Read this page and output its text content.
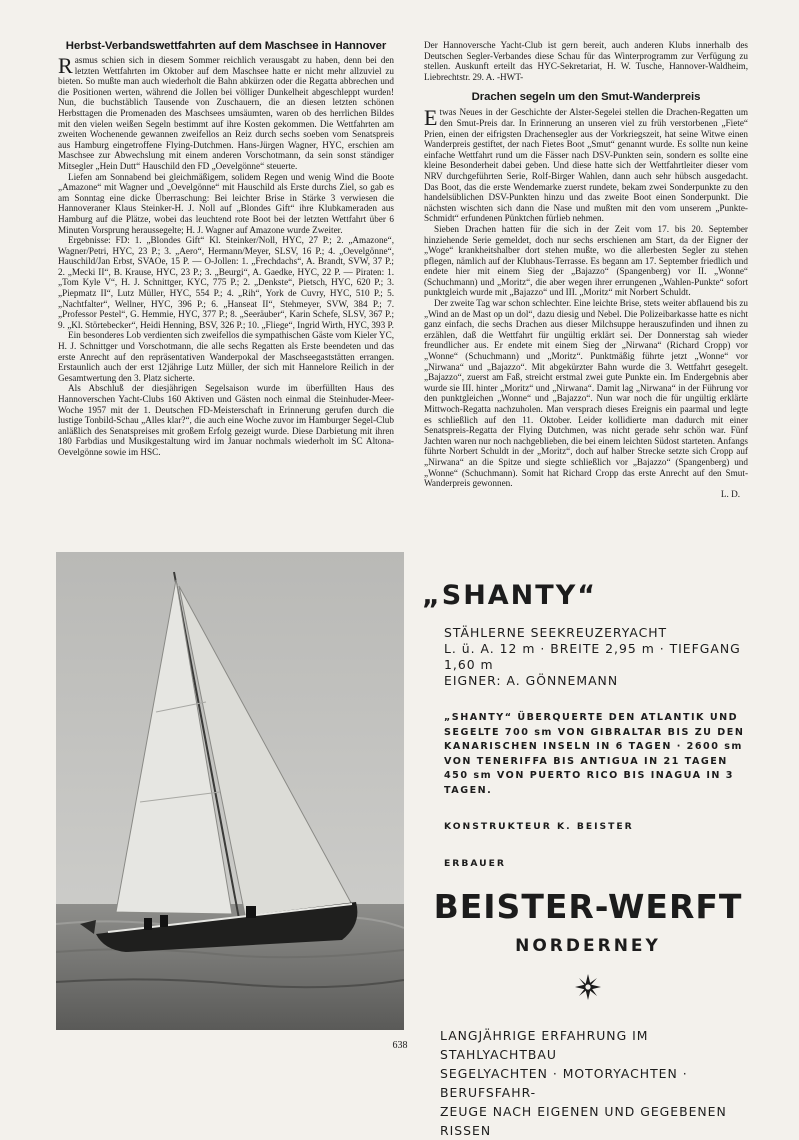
Herbst-Verbandswettfahrten auf dem Maschsee in Hannover

Rasmus schien sich in diesem Sommer reichlich verausgabt zu haben, denn bei den letzten Wettfahrten im Oktober auf dem Maschsee hatte er nicht mehr allzuviel zu bieten. So mußte man auch wiederholt die Bahn abkürzen oder die Regatta abbrechen und die Positionen werten, während die Jollen bei völliger Dunkelheit abgeschleppt wurden! Nun, die buchstäblich Tausende von Zuschauern, die an diesen letzten schönen Herbsttagen die Promenaden des Maschsees umsäumten, waren ob des herrlichen Bildes mit den vielen weißen Segeln bestimmt auf ihre Kosten gekommen. Die Wettfahrten am zweiten Wochenende gewannen zweifellos an Reiz durch sechs soeben vom Senatspreis aus Hamburg eingetroffene Flying-Dutchmen. Hans-Jürgen Wagner, HYC, erschien am Maschsee zur Abwechslung mit einem anderen Vorschotmann, da sein sonst ständiger Mitsegler „Hein Dutt“ Hauschild den FD „Oevelgönne“ steuerte.

Liefen am Sonnabend bei gleichmäßigem, solidem Regen und wenig Wind die Boote „Amazone“ mit Wagner und „Oevelgönne“ mit Hauschild als Erste durchs Ziel, so gab es am Sonntag eine dicke Überraschung: Bei leichter Brise in Stärke 3 verwiesen die Hannoveraner Klaus Steinker-H. J. Noll auf „Blondes Gift“ ihre Klubkameraden aus Hamburg auf die Plätze, wobei das leuchtend rote Boot bei der letzten Wettfahrt über 6 Minuten Vorsprung heraussegelte; H. J. Wagner auf Amazone wurde Zweiter.

Ergebnisse: FD: 1. „Blondes Gift“ Kl. Steinker/Noll, HYC, 27 P.; 2. „Amazone“, Wagner/Petri, HYC, 23 P.; 3. „Aero“, Hermann/Meyer, SLSV, 16 P.; 4. „Oevelgönne“, Hauschild/Jan Erbst, SVAOe, 15 P. — O-Jollen: 1. „Frechdachs“, A. Brandt, SVW, 37 P.; 2. „Mecki II“, B. Krause, HYC, 23 P.; 3. „Beurgi“, A. Gaedke, HYC, 22 P. — Piraten: 1. „Tom Kyle V“, H. J. Schnittger, KYC, 775 P.; 2. „Denkste“, Pietsch, HYC, 620 P.; 3. „Piepmatz II“, Lutz Müller, HYC, 554 P.; 4. „Rih“, York de Cuvry, HYC, 510 P.; 5. „Nachtfalter“, Wellner, HYC, 396 P.; 6. „Hanseat II“, Stehmeyer, SVW, 384 P.; 7. „Professor Pestel“, G. Hemmie, HYC, 377 P.; 8. „Seeräuber“, Karin Schefe, SLSV, 367 P.; 9. „Kl. Störtebecker“, Heidi Henning, BSV, 326 P.; 10. „Fliege“, Ingrid Wirth, HYC, 393 P.

Ein besonderes Lob verdienten sich zweifellos die sympathischen Gäste vom Kieler YC, H. J. Schnittger und Vorschotmann, die alle sechs Regatten als Erste beendeten und das erste Anrecht auf den repräsentativen Wanderpokal der Maschseegaststätten errangen. Erstaunlich auch der erst 12jährige Lutz Müller, der sich mit Hannelore Reilich in der Gesamtwertung den 3. Platz sicherte.

Als Abschluß der diesjährigen Segelsaison wurde im überfüllten Haus des Hannoverschen Yacht-Clubs 160 Aktiven und Gästen noch einmal die Steinhuder-Meer-Woche 1957 mit der 1. Deutschen FD-Meisterschaft in Erinnerung gerufen durch die lustige Tonbild-Schau „Alles klar?“, die auch eine Woche zuvor im Hamburger Segel-Club anläßlich des Senatspreises mit großem Erfolg gezeigt wurde. Diese Darbietung mit ihren 180 Farbdias und Musikgestaltung wird im Januar nochmals wiederholt im SC Altona-Oevelgönne sowie im HSC.

Der Hannoversche Yacht-Club ist gern bereit, auch anderen Klubs innerhalb des Deutschen Segler-Verbandes diese Schau für das Winterprogramm zur Verfügung zu stellen. Auskunft erteilt das HYC-Sekretariat, H. W. Tusche, Hannover-Waldheim, Liebrechtstr. 29. A. -HWT-

Drachen segeln um den Smut-Wanderpreis

Etwas Neues in der Geschichte der Alster-Segelei stellen die Drachen-Regatten um den Smut-Preis dar. In Erinnerung an unseren viel zu früh verstorbenen „Fiete“ Prien, einen der eifrigsten Drachensegler aus der Vorkriegszeit, hat seine Witwe einen Wanderpreis gestiftet, der nach Fietes Boot „Smut“ genannt wurde. Es sollte nun keine einfache Wettfahrt rund um die Fässer nach DSV-Punkten sein, sondern es sollte eine kleine Besonderheit dabei geben. Und diese hatte sich der Wettfahrtleiter dieser vom NRV durchgeführten Serie, Rolf-Birger Wahlen, dann auch sehr hübsch ausgedacht. Das Boot, das die erste Wendemarke zuerst rundete, bekam zwei Sonderpunkte zu den handelsüblichen DSV-Punkten hinzu und das zweite Boot einen Sonderpunkt. Die nächsten wischten sich dann die Nase und mußten mit den vom unserem „Punkte-Schmidt“ erfundenen Pünktchen fürlieb nehmen.

Sieben Drachen hatten für die sich in der Zeit vom 17. bis 20. September hinziehende Serie gemeldet, doch nur sechs erschienen am Start, da der Eigner der „Woge“ krankheitshalber dort stehen mußte, wo die allerbesten Segler zu stehen pflegen, nämlich auf der Klubhaus-Terrasse. Es begann am 17. September friedlich und endete hier mit einem Sieg der „Bajazzo“ (Spangenberg) vor II. „Wonne“ (Schuchmann) und „Moritz“, die aber wegen ihrer errungenen „Wahlen-Punkte“ sofort punktgleich wurde mit „Bajazzo“ und III. „Moritz“ mit Norbert Schuldt.

Der zweite Tag war schon schlechter. Eine leichte Brise, stets weiter abflauend bis zu „Wind an de Mast op un dol“, dazu diesig und Nebel. Die Polizeibarkasse hatte es nicht ganz einfach, die sechs Drachen aus dieser Milchsuppe herauszufinden und ihnen zu erzählen, daß die Wettfahrt für ungültig erklärt sei. Der Donnerstag sah wieder freundlicher aus. Er endete mit einem Sieg der „Nirwana“ (Richard Cropp) vor „Wonne“ (Schuchmann) und „Moritz“. Punktmäßig führte jetzt „Wonne“ vor „Nirwana“ und „Bajazzo“. Mit abgekürzter Bahn wurde die 3. Wettfahrt gesegelt. „Bajazzo“, zuerst am Faß, streicht erstmal zwei gute Punkte ein. Im Endergebnis aber wurde sie III. hinter „Moritz“ und „Nirwana“. Damit lag „Nirwana“ in der Führung vor den punktgleichen „Wonne“ und „Bajazzo“. Nun war noch die für ungültig erklärte Mittwoch-Regatta nachzuholen. Man versprach dieses Ereignis ein paarmal und legte es schließlich auf den 11. Oktober. Leider kollidierte man dadurch mit einer Senatspreis-Regatta der Flying Dutchmen, was nicht gerade sehr schön war. Fünf Jachten waren nur noch nachgeblieben, die bei einem leichten Südost starteten. Anfangs führte Norbert Schuldt in der „Moritz“, doch auf halber Strecke setzte sich Cropp auf „Nirwana“ an die Spitze und siegte schließlich vor „Bajazzo“ (Spangenberg) und „Wonne“ (Schuchmann). Somit hat Richard Cropp das erste Anrecht auf den Smut-Wanderpreis gewonnen.

L. D.
„SHANTY“
STÄHLERNE SEEKREUZERYACHT
L. ü. A. 12 m · BREITE 2,95 m · TIEFGANG 1,60 m
EIGNER: A. GÖNNEMANN
„SHANTY“ ÜBERQUERTE DEN ATLANTIK UND
SEGELTE 700 sm VON GIBRALTAR BIS ZU DEN
KANARISCHEN INSELN IN 6 TAGEN · 2600 sm
VON TENERIFFA BIS ANTIGUA IN 21 TAGEN
450 sm VON PUERTO RICO BIS INAGUA IN 3 TAGEN.
KONSTRUKTEUR K. BEISTER
ERBAUER
BEISTER-WERFT
NORDERNEY
LANGJÄHRIGE ERFAHRUNG IM STAHLYACHTBAU
SEGELYACHTEN · MOTORYACHTEN · BERUFSFAHR-
ZEUGE NACH EIGENEN UND GEGEBENEN RISSEN
638
